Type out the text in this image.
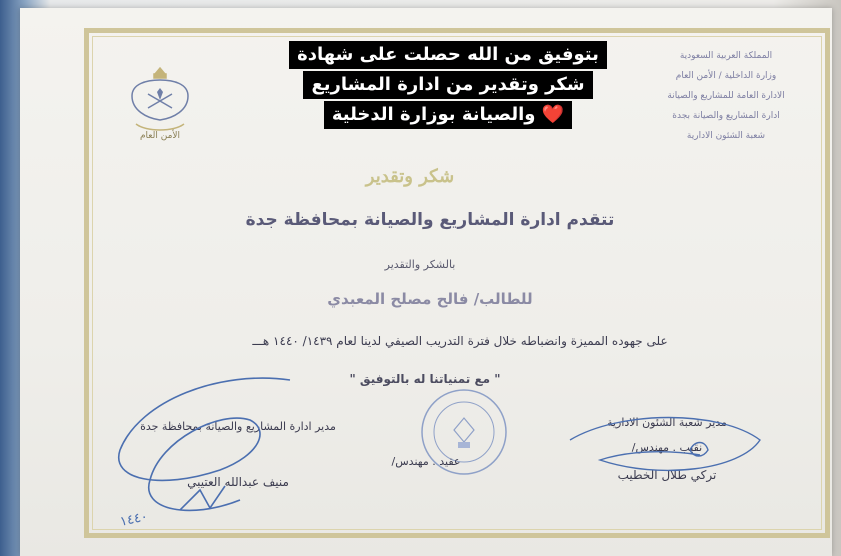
الأمن العام
بتوفيق من الله حصلت على شهادة
شكر وتقدير من ادارة المشاريع
❤️ والصيانة بوزارة الدخلية
المملكة العربية السعودية
وزارة الداخلية / الأمن العام
الادارة العامة للمشاريع والصيانة
ادارة المشاريع والصيانة بجدة
شعبة الشئون الادارية
شكر وتقدير
تتقدم ادارة المشاريع والصيانة بمحافظة جدة
بالشكر والتقدير
للطالب/ فالح مصلح المعبدي
على جهوده المميزة وانضباطه خلال فترة التدريب الصيفي لدينا لعام ١٤٣٩/ ١٤٤٠ هـــ
" مع تمنياتنا له بالتوفيق "
مدير ادارة المشاريع والصيانة بمحافظة جدة
منيف عبدالله العتيبي
عقيد . مهندس/
مدير شعبة الشئون الادارية
نقيب . مهندس/
تركي طلال الخطيب
١٤٤٠
